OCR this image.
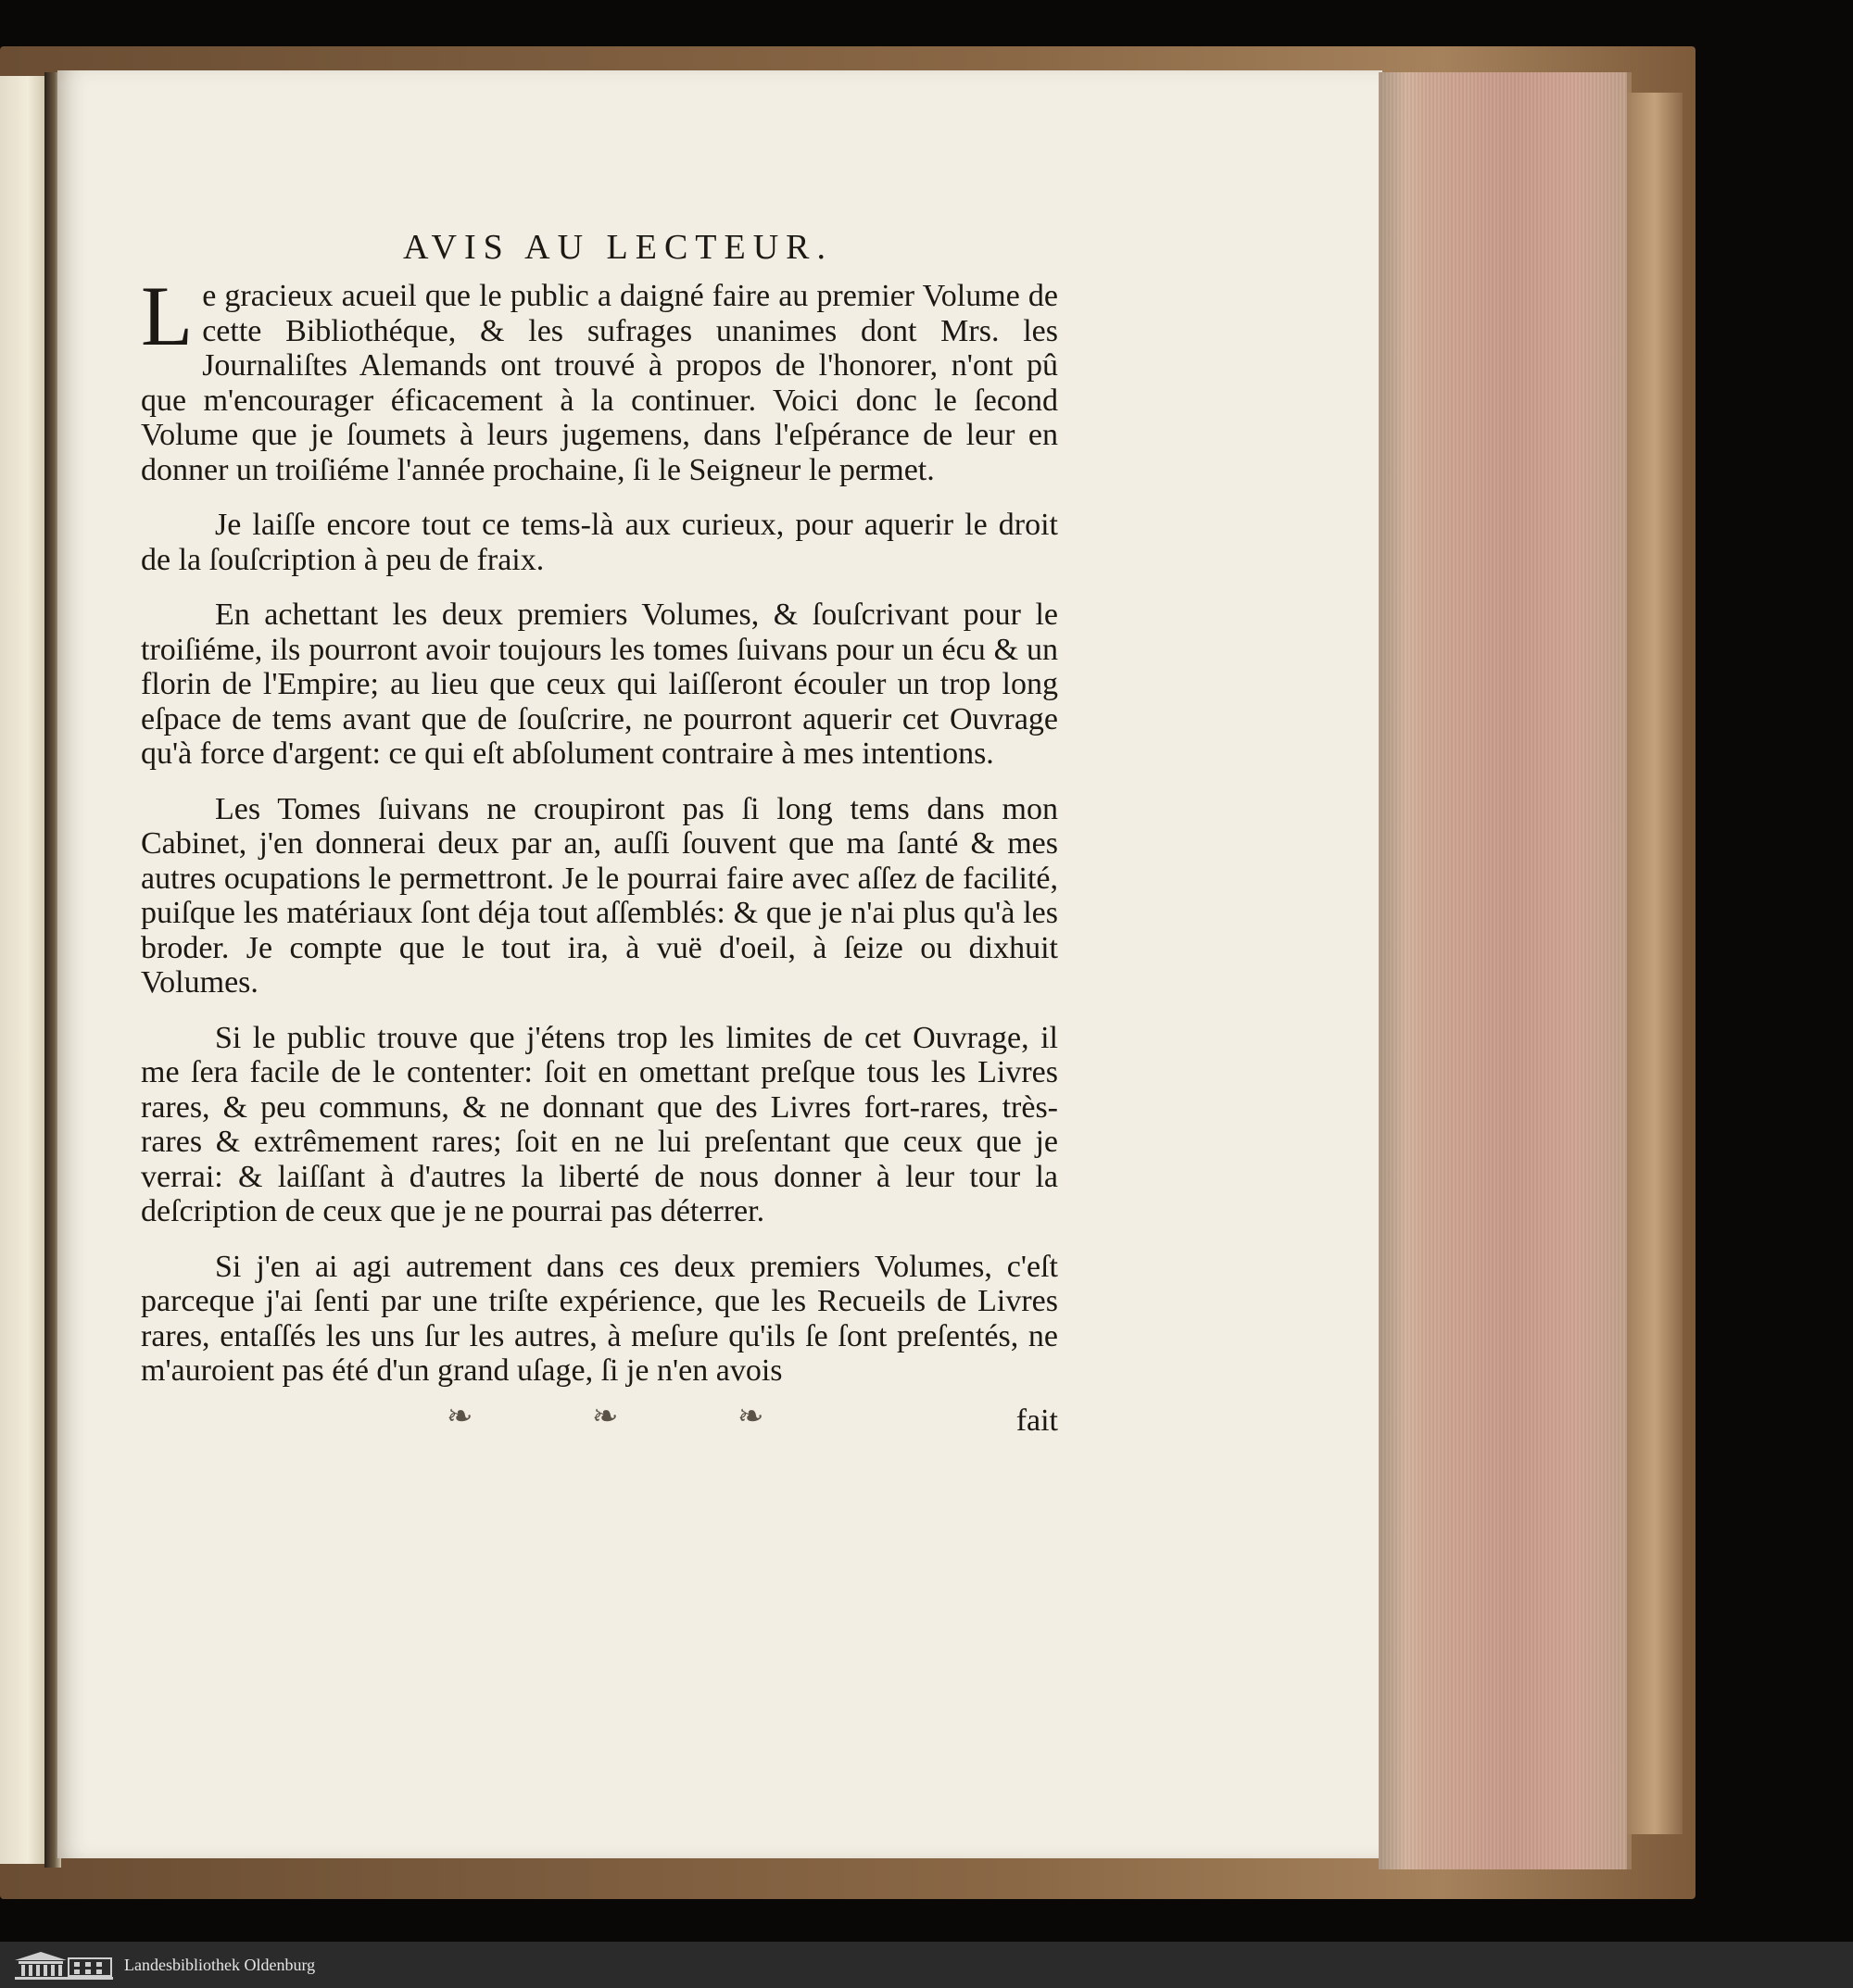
AVIS AU LECTEUR.

Le gracieux acueil que le public a daigné faire au premier Volume de cette Bibliothéque, & les sufrages unanimes dont Mrs. les Journaliſtes Alemands ont trouvé à propos de l'honorer, n'ont pû que m'encourager éficacement à la continuer. Voici donc le ſecond Volume que je ſoumets à leurs jugemens, dans l'eſpérance de leur en donner un troiſiéme l'année prochaine, ſi le Seigneur le permet.

Je laiſſe encore tout ce tems-là aux curieux, pour aquerir le droit de la ſouſcription à peu de fraix.

En achettant les deux premiers Volumes, & ſouſcrivant pour le troiſiéme, ils pourront avoir toujours les tomes ſuivans pour un écu & un florin de l'Empire; au lieu que ceux qui laiſſeront écouler un trop long eſpace de tems avant que de ſouſcrire, ne pourront aquerir cet Ouvrage qu'à force d'argent: ce qui eſt abſolument contraire à mes intentions.

Les Tomes ſuivans ne croupiront pas ſi long tems dans mon Cabinet, j'en donnerai deux par an, auſſi ſouvent que ma ſanté & mes autres ocupations le permettront. Je le pourrai faire avec aſſez de facilité, puiſque les matériaux ſont déja tout aſſemblés: & que je n'ai plus qu'à les broder. Je compte que le tout ira, à vuë d'oeil, à ſeize ou dixhuit Volumes.

Si le public trouve que j'étens trop les limites de cet Ouvrage, il me ſera facile de le contenter: ſoit en omettant preſque tous les Livres rares, & peu communs, & ne donnant que des Livres fort-rares, très-rares & extrêmement rares; ſoit en ne lui preſentant que ceux que je verrai: & laiſſant à d'autres la liberté de nous donner à leur tour la deſcription de ceux que je ne pourrai pas déterrer.

Si j'en ai agi autrement dans ces deux premiers Volumes, c'eſt parceque j'ai ſenti par une triſte expérience, que les Recueils de Livres rares, entaſſés les uns ſur les autres, à meſure qu'ils ſe ſont preſentés, ne m'auroient pas été d'un grand uſage, ſi je n'en avois

❧ ❧ ❧	fait
Landesbibliothek Oldenburg
